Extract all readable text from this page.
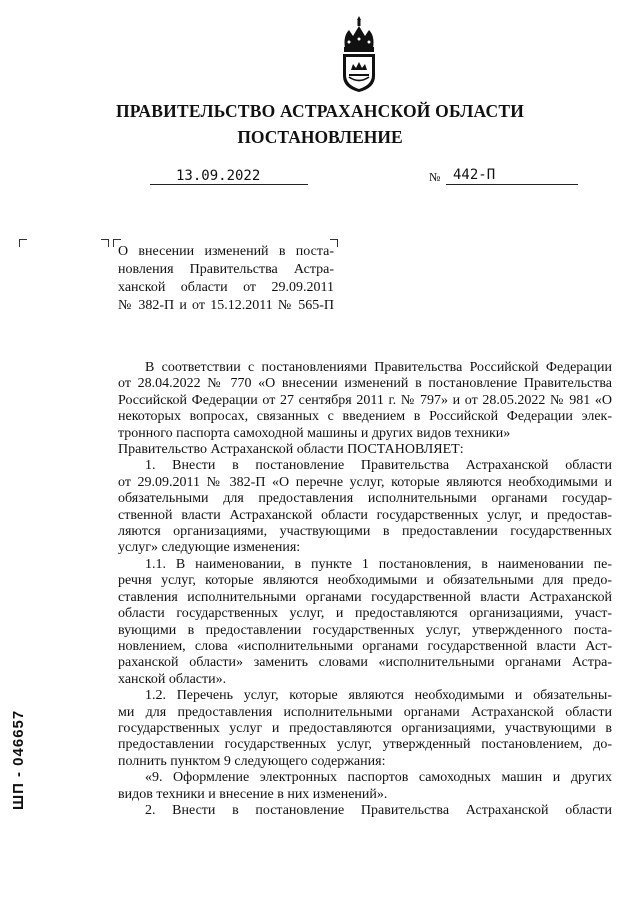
ПРАВИТЕЛЬСТВО АСТРАХАНСКОЙ ОБЛАСТИ
ПОСТАНОВЛЕНИЕ
13.09.2022	№ 442-П
О внесении изменений в поста-
новления Правительства Астра-
ханской области от 29.09.2011
№ 382-П и от 15.12.2011 № 565-П
В соответствии с постановлениями Правительства Российской Федерации
от 28.04.2022 № 770 «О внесении изменений в постановление Правительства
Российской Федерации от 27 сентября 2011 г. № 797» и от 28.05.2022 № 981 «О
некоторых вопросах, связанных с введением в Российской Федерации элек-
тронного паспорта самоходной машины и других видов техники»
Правительство Астраханской области ПОСТАНОВЛЯЕТ:
1. Внести в постановление Правительства Астраханской области
от 29.09.2011 № 382-П «О перечне услуг, которые являются необходимыми и
обязательными для предоставления исполнительными органами государ-
ственной власти Астраханской области государственных услуг, и предостав-
ляются организациями, участвующими в предоставлении государственных
услуг» следующие изменения:
1.1. В наименовании, в пункте 1 постановления, в наименовании пе-
речня услуг, которые являются необходимыми и обязательными для предо-
ставления исполнительными органами государственной власти Астраханской
области государственных услуг, и предоставляются организациями, участ-
вующими в предоставлении государственных услуг, утвержденного поста-
новлением, слова «исполнительными органами государственной власти Аст-
раханской области» заменить словами «исполнительными органами Астра-
ханской области».
1.2. Перечень услуг, которые являются необходимыми и обязательны-
ми для предоставления исполнительными органами Астраханской области
государственных услуг и предоставляются организациями, участвующими в
предоставлении государственных услуг, утвержденный постановлением, до-
полнить пунктом 9 следующего содержания:
«9. Оформление электронных паспортов самоходных машин и других
видов техники и внесение в них изменений».
2. Внести в постановление Правительства Астраханской области
ШП - 046657
